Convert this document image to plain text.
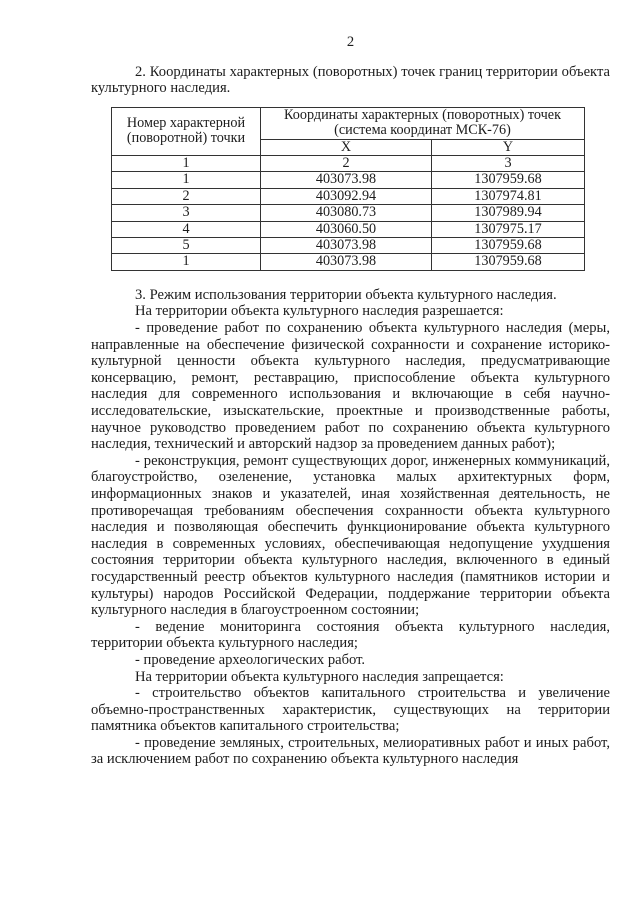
2

2. Координаты характерных (поворотных) точек границ территории объекта культурного наследия.

Номер характерной (поворотной) точки	Координаты характерных (поворотных) точек (система координат МСК-76)	
	X	Y
1	2	3
1	403073.98	1307959.68
2	403092.94	1307974.81
3	403080.73	1307989.94
4	403060.50	1307975.17
5	403073.98	1307959.68
1	403073.98	1307959.68

3. Режим использования территории объекта культурного наследия.

На территории объекта культурного наследия разрешается:

- проведение работ по сохранению объекта культурного наследия (меры, направленные на обеспечение физической сохранности и сохранение историко-культурной ценности объекта культурного наследия, предусматривающие консервацию, ремонт, реставрацию, приспособление объекта культурного наследия для современного использования и включающие в себя научно-исследовательские, изыскательские, проектные и производственные работы, научное руководство проведением работ по сохранению объекта культурного наследия, технический и авторский надзор за проведением данных работ);

- реконструкция, ремонт существующих дорог, инженерных коммуникаций, благоустройство, озеленение, установка малых архитектурных форм, информационных знаков и указателей, иная хозяйственная деятельность, не противоречащая требованиям обеспечения сохранности объекта культурного наследия и позволяющая обеспечить функционирование объекта культурного наследия в современных условиях, обеспечивающая недопущение ухудшения состояния территории объекта культурного наследия, включенного в единый государственный реестр объектов культурного наследия (памятников истории и культуры) народов Российской Федерации, поддержание территории объекта культурного наследия в благоустроенном состоянии;

- ведение мониторинга состояния объекта культурного наследия, территории объекта культурного наследия;

- проведение археологических работ.

На территории объекта культурного наследия запрещается:

- строительство объектов капитального строительства и увеличение объемно-пространственных характеристик, существующих на территории памятника объектов капитального строительства;

- проведение земляных, строительных, мелиоративных работ и иных работ, за исключением работ по сохранению объекта культурного наследия
